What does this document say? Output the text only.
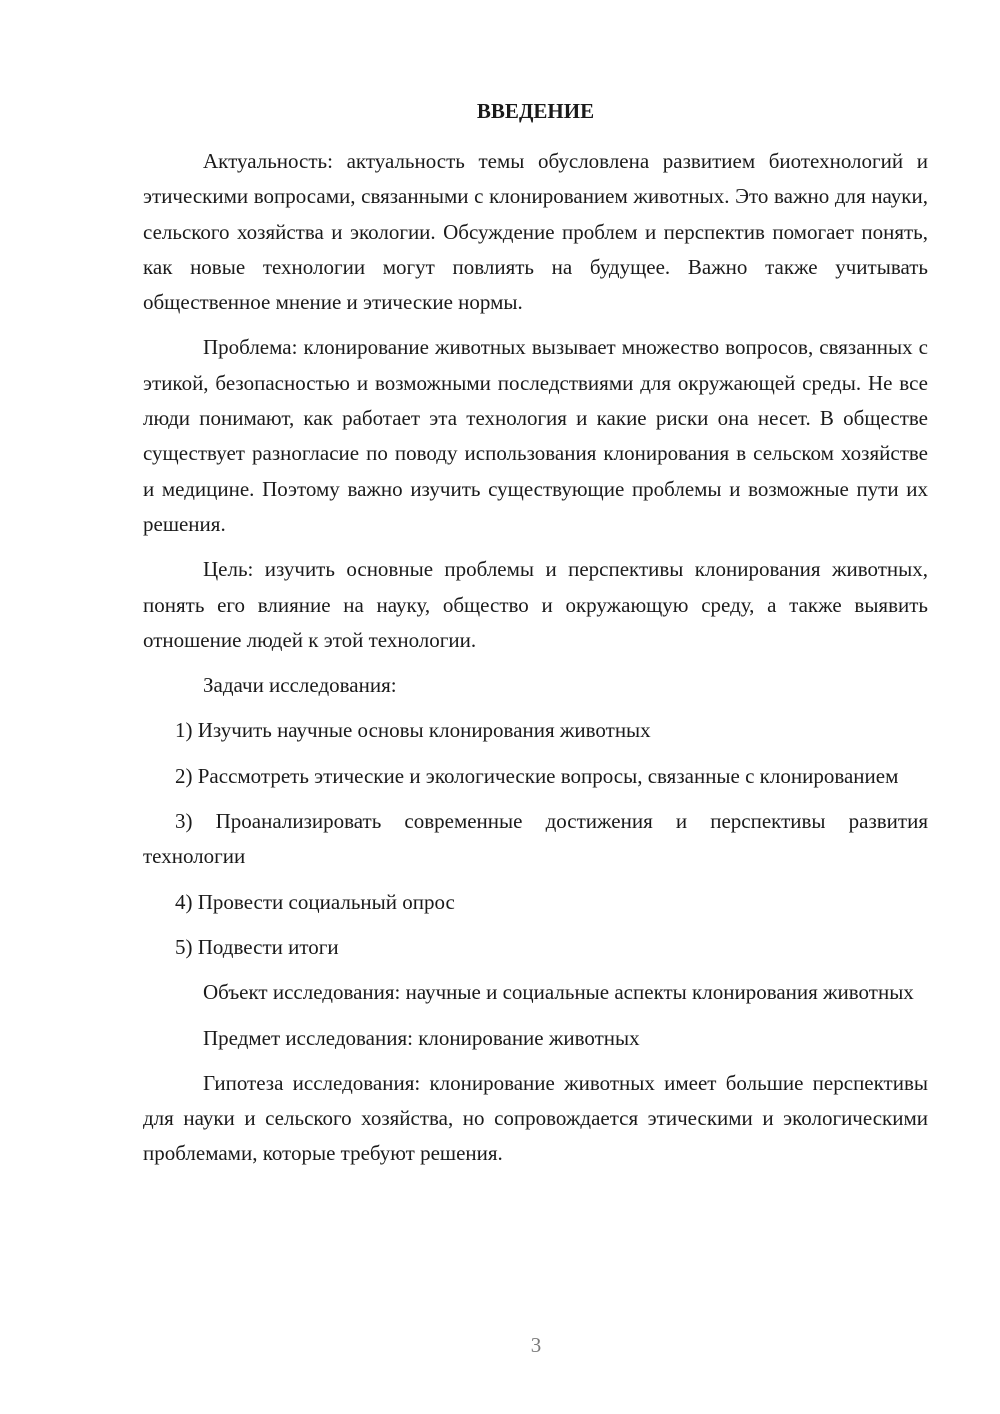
ВВЕДЕНИЕ

Актуальность: актуальность темы обусловлена развитием биотехнологий и этическими вопросами, связанными с клонированием животных. Это важно для науки, сельского хозяйства и экологии. Обсуждение проблем и перспектив помогает понять, как новые технологии могут повлиять на будущее. Важно также учитывать общественное мнение и этические нормы.

Проблема: клонирование животных вызывает множество вопросов, связанных с этикой, безопасностью и возможными последствиями для окружающей среды. Не все люди понимают, как работает эта технология и какие риски она несет. В обществе существует разногласие по поводу использования клонирования в сельском хозяйстве и медицине. Поэтому важно изучить существующие проблемы и возможные пути их решения.

Цель: изучить основные проблемы и перспективы клонирования животных, понять его влияние на науку, общество и окружающую среду, а также выявить отношение людей к этой технологии.

Задачи исследования:

1) Изучить научные основы клонирования животных

2) Рассмотреть этические и экологические вопросы, связанные с клонированием

3) Проанализировать современные достижения и перспективы развития технологии

4) Провести социальный опрос

5) Подвести итоги

Объект исследования: научные и социальные аспекты клонирования животных

Предмет исследования: клонирование животных

Гипотеза исследования: клонирование животных имеет большие перспективы для науки и сельского хозяйства, но сопровождается этическими и экологическими проблемами, которые требуют решения.

3
